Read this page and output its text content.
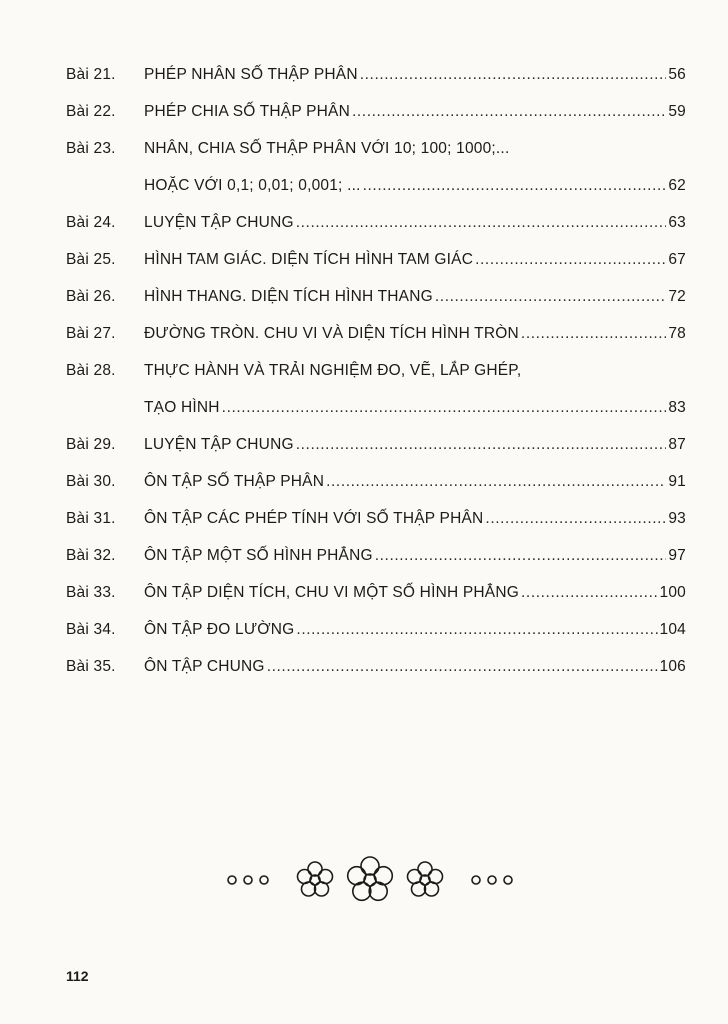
Bài 21.	PHÉP NHÂN SỐ THẬP PHÂN .....	56
Bài 22.	PHÉP CHIA SỐ THẬP PHÂN .....	59
Bài 23.	NHÂN, CHIA SỐ THẬP PHÂN VỚI 10; 100; 1000;...
HOẶC VỚI 0,1; 0,01; 0,001; ... .....	62
Bài 24.	LUYỆN TẬP CHUNG .....	63
Bài 25.	HÌNH TAM GIÁC. DIỆN TÍCH HÌNH TAM GIÁC .....	67
Bài 26.	HÌNH THANG. DIỆN TÍCH HÌNH THANG .....	72
Bài 27.	ĐƯỜNG TRÒN. CHU VI VÀ DIỆN TÍCH HÌNH TRÒN .....	78
Bài 28.	THỰC HÀNH VÀ TRẢI NGHIỆM ĐO, VẼ, LẮP GHÉP,
TẠO HÌNH .....	83
Bài 29.	LUYỆN TẬP CHUNG .....	87
Bài 30.	ÔN TẬP SỐ THẬP PHÂN .....	91
Bài 31.	ÔN TẬP CÁC PHÉP TÍNH VỚI SỐ THẬP PHÂN .....	93
Bài 32.	ÔN TẬP MỘT SỐ HÌNH PHẲNG .....	97
Bài 33.	ÔN TẬP DIỆN TÍCH, CHU VI MỘT SỐ HÌNH PHẲNG .....	100
Bài 34.	ÔN TẬP ĐO LƯỜNG .....	104
Bài 35.	ÔN TẬP CHUNG .....	106
112
